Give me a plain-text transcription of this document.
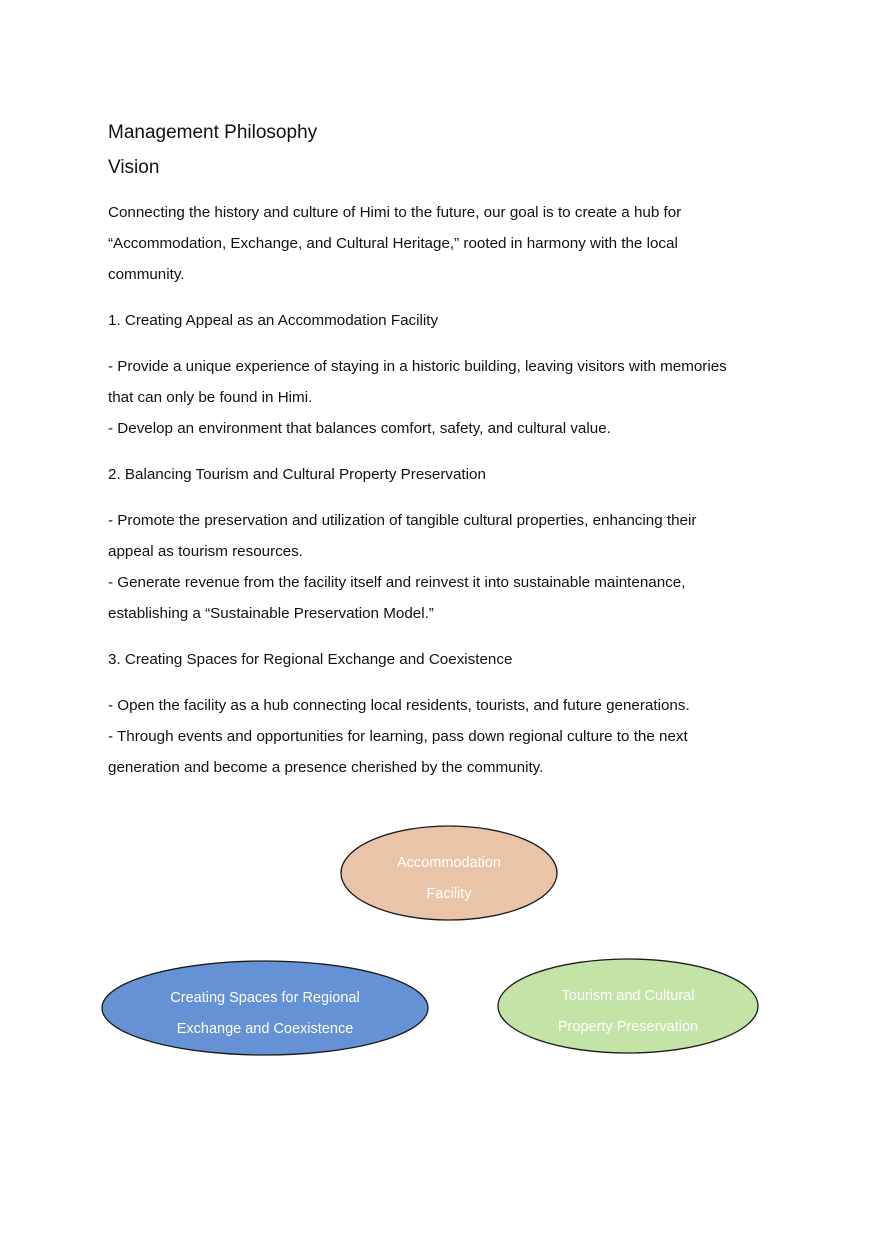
Management Philosophy
Vision
Connecting the history and culture of Himi to the future, our goal is to create a hub for
“Accommodation, Exchange, and Cultural Heritage,” rooted in harmony with the local
community.
1. Creating Appeal as an Accommodation Facility
- Provide a unique experience of staying in a historic building, leaving visitors with memories
that can only be found in Himi.
- Develop an environment that balances comfort, safety, and cultural value.
2. Balancing Tourism and Cultural Property Preservation
- Promote the preservation and utilization of tangible cultural properties, enhancing their
appeal as tourism resources.
- Generate revenue from the facility itself and reinvest it into sustainable maintenance,
establishing a “Sustainable Preservation Model.”
3. Creating Spaces for Regional Exchange and Coexistence
- Open the facility as a hub connecting local residents, tourists, and future generations.
- Through events and opportunities for learning, pass down regional culture to the next
generation and become a presence cherished by the community.
Accommodation
Facility
Creating Spaces for Regional
Exchange and Coexistence
Tourism and Cultural
Property Preservation
